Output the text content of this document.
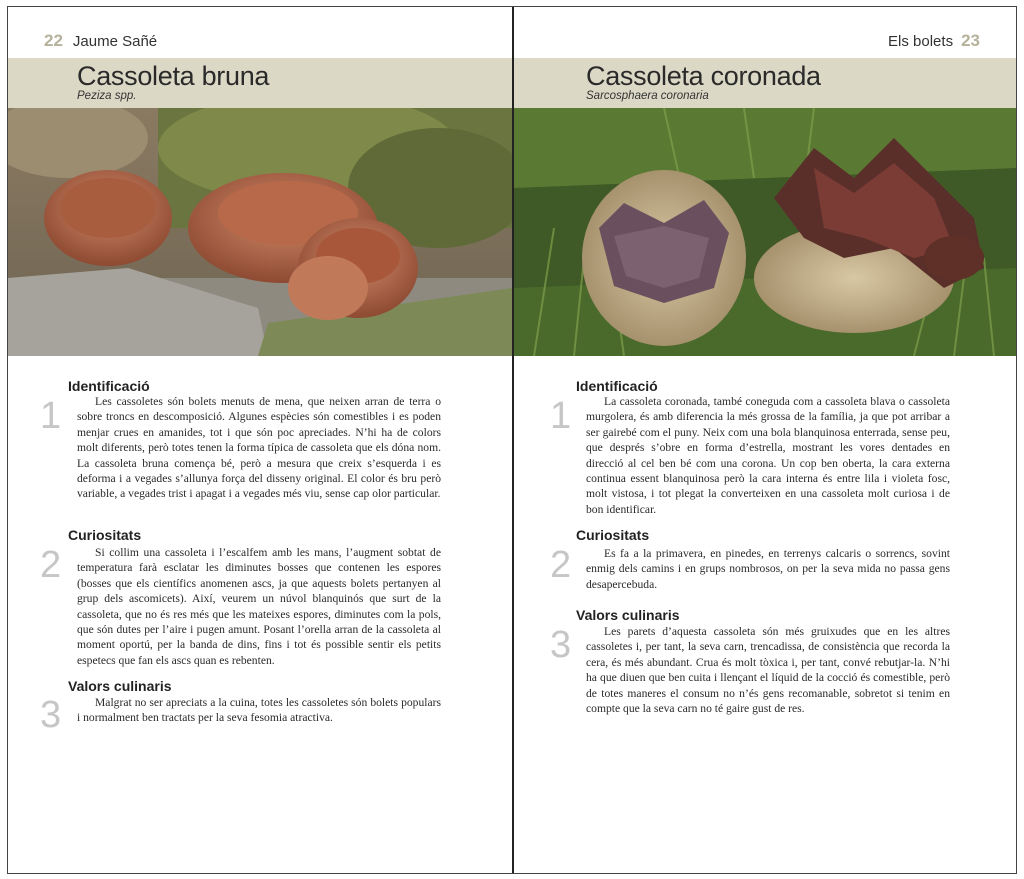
22 Jaume Sañé
Cassoleta bruna
Peziza spp.
1
Identificació
Les cassoletes són bolets menuts de mena, que neixen arran de terra o sobre troncs en descomposició. Algunes espècies són comestibles i es poden menjar crues en amanides, tot i que són poc apreciades. N’hi ha de colors molt diferents, però totes tenen la forma típica de cassoleta que els dóna nom. La cassoleta bruna comença bé, però a mesura que creix s’esquerda i es deforma i a vegades s’allunya força del disseny original. El color és bru però variable, a vegades trist i apagat i a vegades més viu, sense cap olor particular.
2
Curiositats
Si collim una cassoleta i l’escalfem amb les mans, l’augment sobtat de temperatura farà esclatar les diminutes bosses que contenen les espores (bosses que els científics anomenen ascs, ja que aquests bolets pertanyen al grup dels ascomicets). Així, veurem un núvol blanquinós que surt de la cassoleta, que no és res més que les mateixes espores, diminutes com la pols, que són dutes per l’aire i pugen amunt. Posant l’orella arran de la cassoleta al moment oportú, per la banda de dins, fins i tot és possible sentir els petits espetecs que fan els ascs quan es rebenten.
3
Valors culinaris
Malgrat no ser apreciats a la cuina, totes les cassoletes són bolets populars i normalment ben tractats per la seva fesomia atractiva.
Els bolets 23
Cassoleta coronada
Sarcosphaera coronaria
1
Identificació
La cassoleta coronada, també coneguda com a cassoleta blava o cassoleta murgolera, és amb diferencia la més grossa de la família, ja que pot arribar a ser gairebé com el puny. Neix com una bola blanquinosa enterrada, sense peu, que després s’obre en forma d’estrella, mostrant les vores dentades en direcció al cel ben bé com una corona. Un cop ben oberta, la cara externa continua essent blanquinosa però la cara interna és entre lila i violeta fosc, molt vistosa, i tot plegat la converteixen en una cassoleta molt curiosa i de bon identificar.
2
Curiositats
Es fa a la primavera, en pinedes, en terrenys calcaris o sorrencs, sovint enmig dels camins i en grups nombrosos, on per la seva mida no passa gens desapercebuda.
3
Valors culinaris
Les parets d’aquesta cassoleta són més gruixudes que en les altres cassoletes i, per tant, la seva carn, trencadissa, de consistència que recorda la cera, és més abundant. Crua és molt tòxica i, per tant, convé rebutjar-la. N’hi ha que diuen que ben cuita i llençant el líquid de la cocció és comestible, però de totes maneres el consum no n’és gens recomanable, sobretot si tenim en compte que la seva carn no té gaire gust de res.
